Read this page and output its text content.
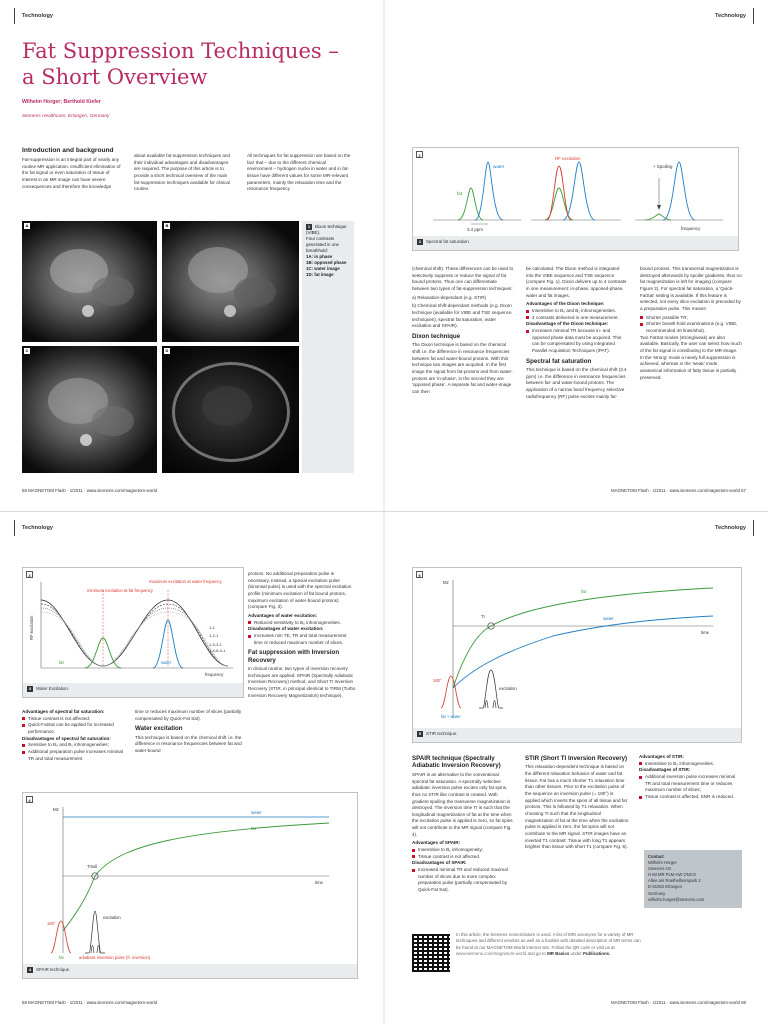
Technology
Fat Suppression Techniques –
a Short Overview
Wilhelm Horger; Berthold Kiefer
Siemens Healthcare, Erlangen, Germany
Introduction and background

Fat-suppression is an integral part of nearly any routine MR application. Insufficient elimination of the fat signal or even saturation of tissue of interest in an MR image can have severe consequences and therefore the knowledge

about available fat-suppression techniques and their individual advantages and disadvantages are required. The purpose of this article is to provide a short technical overview of the main fat-suppression techniques available for clinical routine.

All techniques for fat suppression are based on the fact that – due to the different chemical environment – hydrogen nuclei in water and in fat-tissue have different values for some MR-relevant parameters, mainly the relaxation time and the resonance frequency

A	B
C	D
1 Dixon technique (VIBE).
Four contrasts generated in one breathhold:
1A: in phase
1B: opposed phase
1C: water image
1D: fat image
56 MAGNETOM Flash · 1/2011 · www.siemens.com/magnetom-world
Technology
2
water
fat
3.4 ppm
RF excitation
+ Spoiling
frequency
2 Spectral fat saturation.

(chemical shift). These differences can be used to selectively suppress or reduce the signal of fat bound protons. Thus one can differentiate between two types of fat-suppression techniques:

a) Relaxation-dependant (e.g. STIR)

b) Chemical shift-dependant methods (e.g. Dixon technique (available for VIBE and TSE sequence techniques), spectral fat saturation, water excitation and SPAIR).

Dixon technique

The Dixon technique is based on the chemical shift i.e. the difference in resonance frequencies between fat and water-bound protons. With this technique two images are acquired. In the first image the signal from fat-protons and from water-protons are 'in-phase', in the second they are 'opposed phase'. A separate fat and water-image can then

be calculated. The Dixon method is integrated into the VIBE sequence and TSE sequence (compare Fig. 1). Dixon delivers up to 4 contrasts in one measurement: in-phase, opposed-phase, water and fat images.

Advantages of the Dixon technique:
Insensitive to B₀ and B₁ inhomogeneities.
4 contrasts delivered in one measurement.
Disadvantage of the Dixon technique:
Increases minimal TR because in- and opposed phase data must be acquired. This can be compensated by using integrated Parallel Acquisition Techniques (iPAT).
Spectral fat saturation

This technique is based on the chemical shift (3.4 ppm) i.e. the difference in resonance frequencies between fat- and water-bound protons. The application of a narrow band frequency selective radiofrequency (RF) pulse excites mainly fat-

bound protons. This transversal magnetization is destroyed afterwards by spoiler gradients, thus no fat magnetization is left for imaging (compare Figure 2). For spectral fat saturation, a 'Quick-FatSat' setting is available. If this feature is selected, not every slice excitation is preceded by a preparation pulse. This means:

Shorter possible TR;
Shorter breath-hold examinations (e.g. VIBE, recommended 40 lines/shot).

Two FatSat modes (strong/weak) are also available. Basically, the user can select how much of the fat signal is contributing to the MR-image. In the 'strong' mode a nearly full suppression is achieved, whereas in the 'weak' mode, anatomical information of fatty tissue is partially preserved.

MAGNETOM Flash · 1/2011 · www.siemens.com/magnetom-world 57
Technology
3
RF excitation
minimum excitation at fat frequency
maximum excitation at water frequency
fat	water
1-1
1-2-1
1-3-3-1
1-4-6-4-1
frequency
3 Water Excitation.

protons. No additional preparation pulse is necessary. Instead, a special excitation pulse (binomial pulse) is used with the spectral excitation profile (minimum excitation of fat bound protons, maximum excitation of water-bound protons) (compare Fig. 3).

Advantages of water excitation:
Reduced sensitivity to B₀ inhomogeneities.
Disadvantages of water excitation:
Increases min TE, TR and total measurement time or reduced maximum number of slices.
Fat suppression with Inversion Recovery

In clinical routine, two types of inversion recovery techniques are applied: SPAIR (Spectrally Adiabatic Inversion Recovery) method, and Short TI Inversion Recovery (STIR, in principal identical to TIRM (Turbo Inversion Recovery Magnetization) technique).

Advantages of spectral fat saturation:
Tissue contrast is not affected;
Quick-FatSat can be applied for increased performance.
Disadvantages of spectral fat saturation:
Sensitive to B₀ and B₁ inhomogeneities;
Additional preparation pulse increases minimal TR and total measurement

time or reduces maximum number of slices (partially compensated by Quick-Fat Sat).

Water excitation

This technique is based on the chemical shift i.e. the difference in resonance frequencies between fat and water-bound

4
Mz
water
fat
TInull
time
excitation
180°
fat	adiabatic inversion pulse (fr. inversion)
4 SPAIR technique.
58 MAGNETOM Flash · 1/2011 · www.siemens.com/magnetom-world
Technology
5
Mz
fat
water
TI
time
excitation
180°
fat + water
5 STIR technique.
SPAIR technique (Spectrally Adiabatic Inversion Recovery)

SPAIR is an alternative to the conventional spectral fat saturation. A spectrally selective adiabatic inversion pulse excites only fat spins, thus no STIR like contrast is created. With gradient spoiling the transverse magnetization is destroyed. The inversion time TI is such that the longitudinal magnetization of fat at the time when the excitation pulse is applied is zero, so fat spins will not contribute to the MR signal (compare Fig. 4).

Advantages of SPAIR:
Insensitive to B₁ inhomogeneity;
Tissue contrast is not affected.
Disadvantages of SPAIR:
Increased minimal TR and reduced maximal number of slices due to more complex preparation pulse (partially compensated by Quick-Fat Sat).
STIR (Short TI Inversion Recovery)

This relaxation-dependent technique is based on the different relaxation behavior of water and fat tissue. Fat has a much shorter T1 relaxation time than other tissues. Prior to the excitation pulse of the sequence an inversion pulse (= 180°) is applied which inverts the spins of all tissue and fat protons. This is followed by T1 relaxation. When choosing TI such that the longitudinal magnetization of fat at the time when the excitation pulse is applied is zero, the fat spins will not contribute to the MR signal. STIR images have an inverted T1 contrast: Tissue with long T1 appears brighter than tissue with short T1 (compare Fig. 5).

Advantages of STIR:
Insensitive to B₀ inhomogeneities.
Disadvantages of STIR:
Additional inversion pulse increases minimal TR and total measurement time or reduces maximum number of slices;
Tissue contrast is affected, SNR is reduced.
Contact
Wilhelm Horger
Siemens AG
H IM MR PLM-AW ONCO
Allee am Roethelheimpark 2
D-91052 Erlangen
Germany
wilhelm.horger@siemens.com
In this article, the Siemens nomenclature is used. A list of MRI acronyms for a variety of MR techniques and different vendors as well as a booklet with detailed description of MR terms can be found at our MAGNETOM World internet site. Follow the QR code or visit us at www.siemens.com/magnetom-world and go to MR Basics under Publications.
MAGNETOM Flash · 1/2011 · www.siemens.com/magnetom-world 59
